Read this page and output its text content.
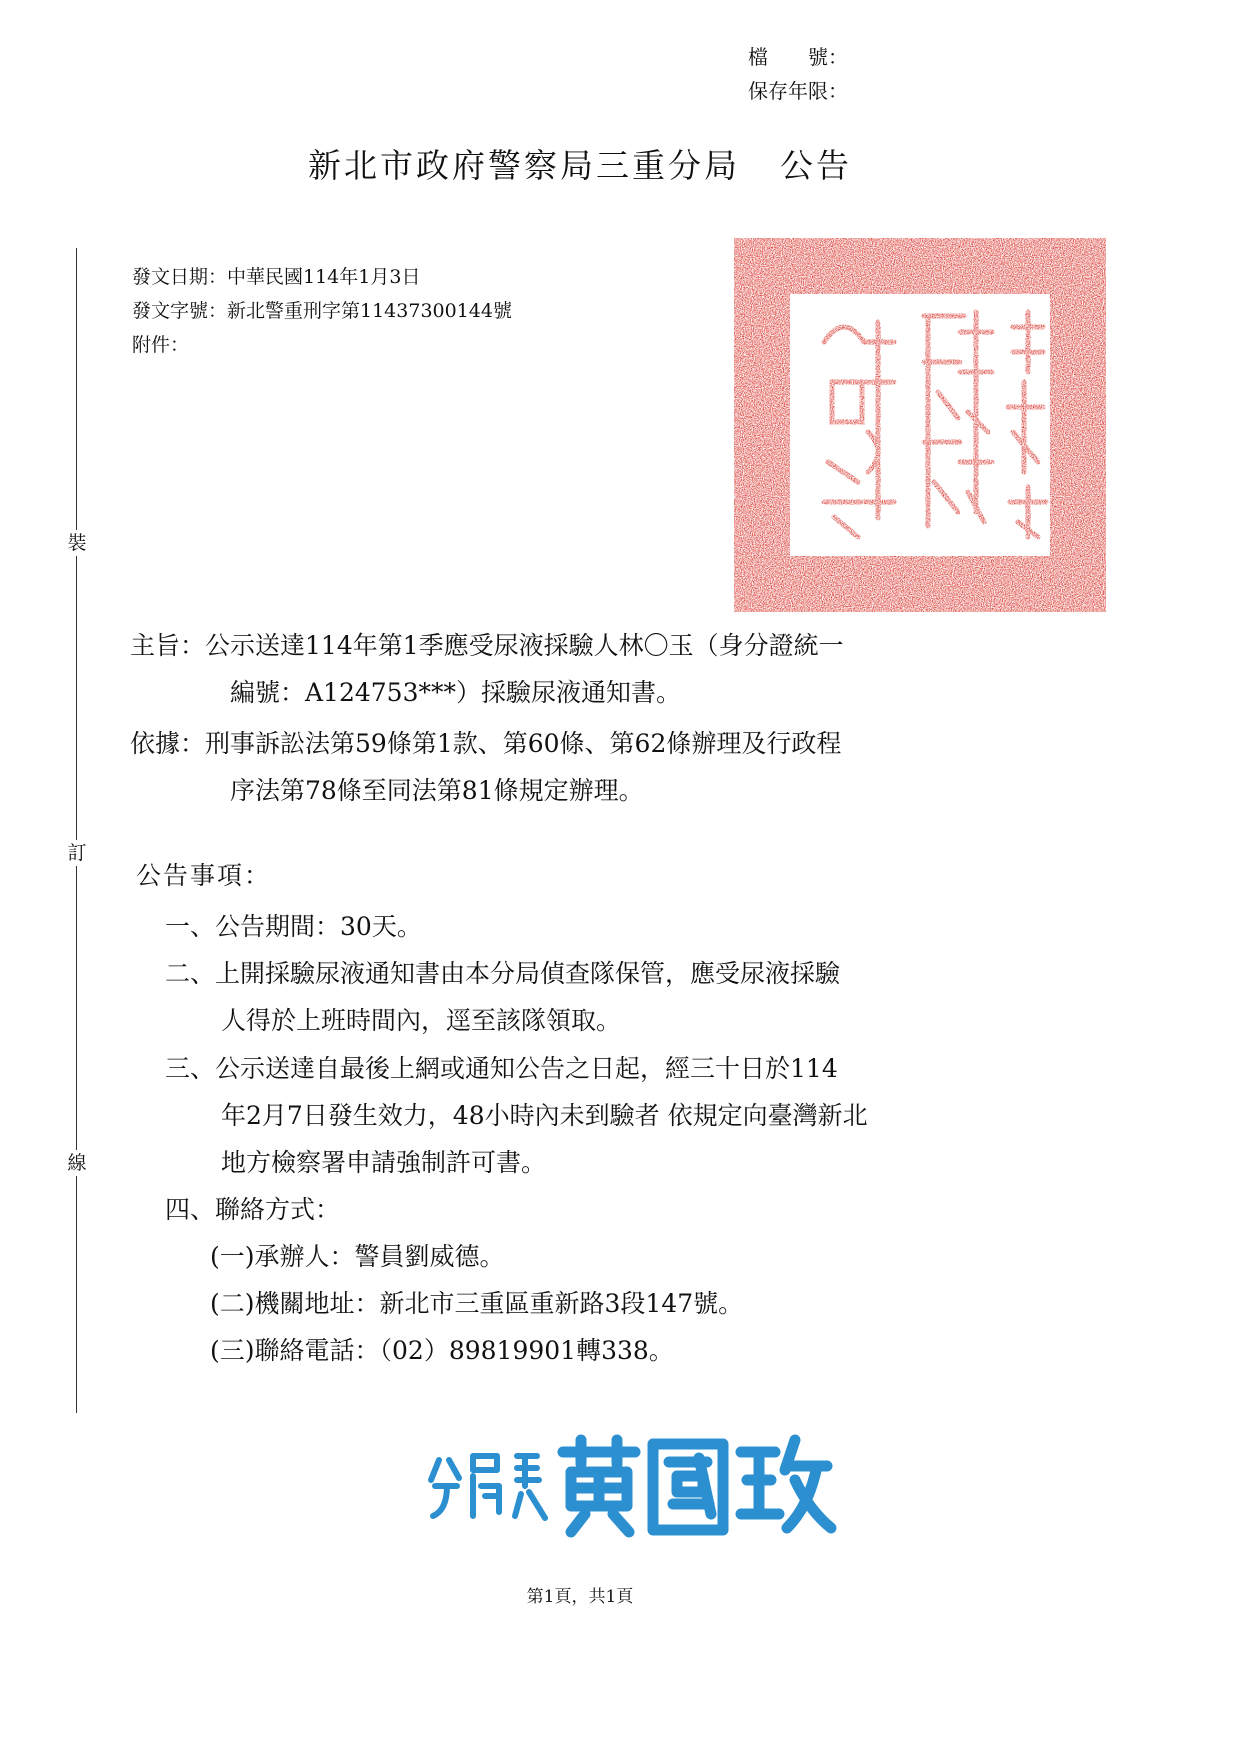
檔　　號：
保存年限：
新北市政府警察局三重分局 公告
裝
訂
線
發文日期：中華民國114年1月3日
發文字號：新北警重刑字第11437300144號
附件：
主旨：公示送達114年第1季應受尿液採驗人林〇玉（身分證統一
編號：A124753***）採驗尿液通知書。
依據：刑事訴訟法第59條第1款、第60條、第62條辦理及行政程
序法第78條至同法第81條規定辦理。
公告事項：
一、公告期間：30天。
二、上開採驗尿液通知書由本分局偵查隊保管，應受尿液採驗
人得於上班時間內，逕至該隊領取。
三、公示送達自最後上網或通知公告之日起，經三十日於114
年2月7日發生效力，48小時內未到驗者 依規定向臺灣新北
地方檢察署申請強制許可書。
四、聯絡方式：
(一)承辦人：警員劉威德。
(二)機關地址：新北市三重區重新路3段147號。
(三)聯絡電話：（02）89819901轉338。
第1頁，共1頁
